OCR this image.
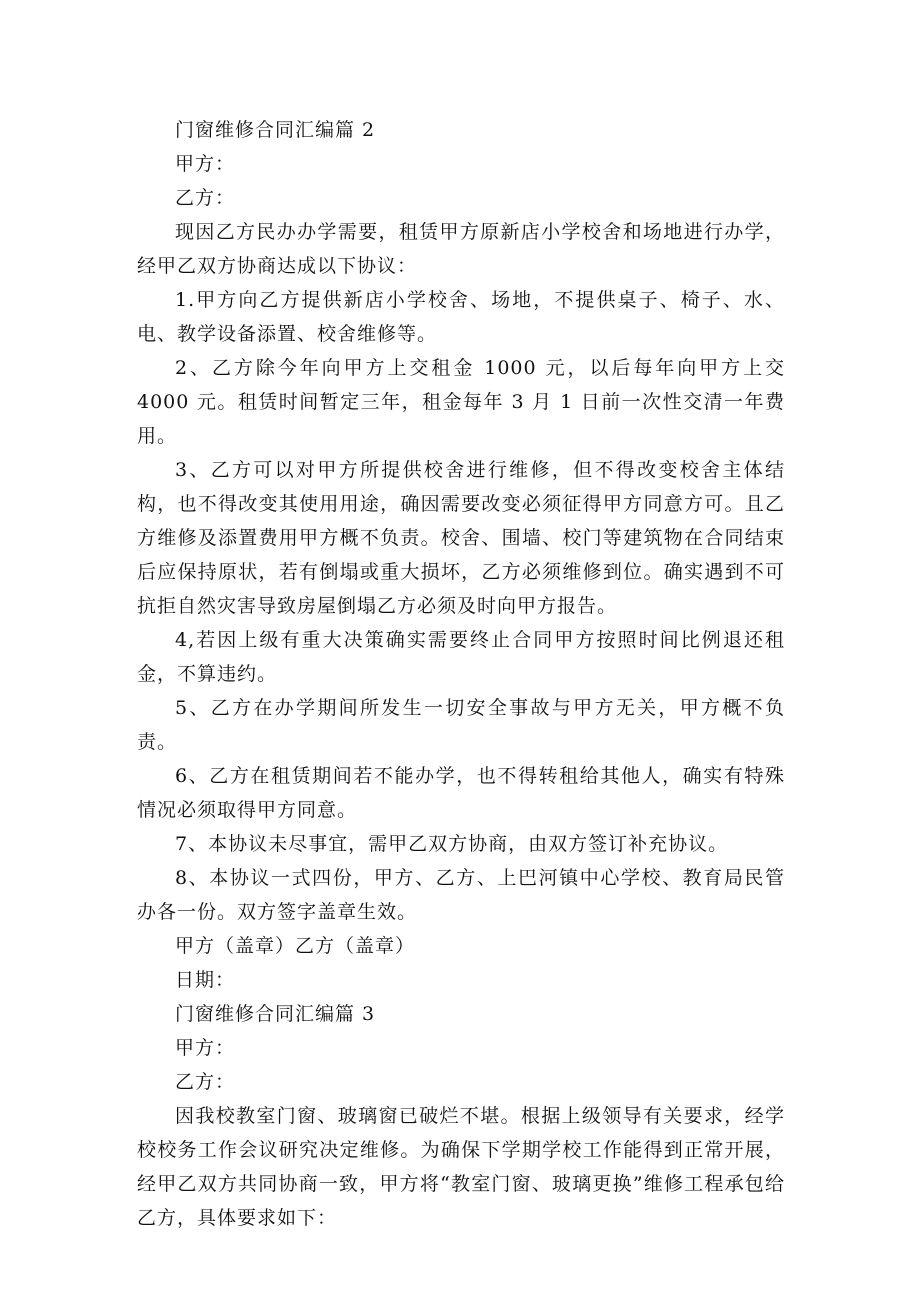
门窗维修合同汇编篇 2

甲方：

乙方：

现因乙方民办办学需要，租赁甲方原新店小学校舍和场地进行办学，经甲乙双方协商达成以下协议：

1.甲方向乙方提供新店小学校舍、场地，不提供桌子、椅子、水、电、教学设备添置、校舍维修等。

2、乙方除今年向甲方上交租金 1000 元，以后每年向甲方上交 4000 元。租赁时间暂定三年，租金每年 3 月 1 日前一次性交清一年费用。

3、乙方可以对甲方所提供校舍进行维修，但不得改变校舍主体结构，也不得改变其使用用途，确因需要改变必须征得甲方同意方可。且乙方维修及添置费用甲方概不负责。校舍、围墙、校门等建筑物在合同结束后应保持原状，若有倒塌或重大损坏，乙方必须维修到位。确实遇到不可抗拒自然灾害导致房屋倒塌乙方必须及时向甲方报告。

4,若因上级有重大决策确实需要终止合同甲方按照时间比例退还租金，不算违约。

5、乙方在办学期间所发生一切安全事故与甲方无关，甲方概不负责。

6、乙方在租赁期间若不能办学，也不得转租给其他人，确实有特殊情况必须取得甲方同意。

7、本协议未尽事宜，需甲乙双方协商，由双方签订补充协议。

8、本协议一式四份，甲方、乙方、上巴河镇中心学校、教育局民管办各一份。双方签字盖章生效。

甲方（盖章）乙方（盖章）

日期：

门窗维修合同汇编篇 3

甲方：

乙方：

因我校教室门窗、玻璃窗已破烂不堪。根据上级领导有关要求，经学校校务工作会议研究决定维修。为确保下学期学校工作能得到正常开展，经甲乙双方共同协商一致，甲方将“教室门窗、玻璃更换”维修工程承包给乙方，具体要求如下：
